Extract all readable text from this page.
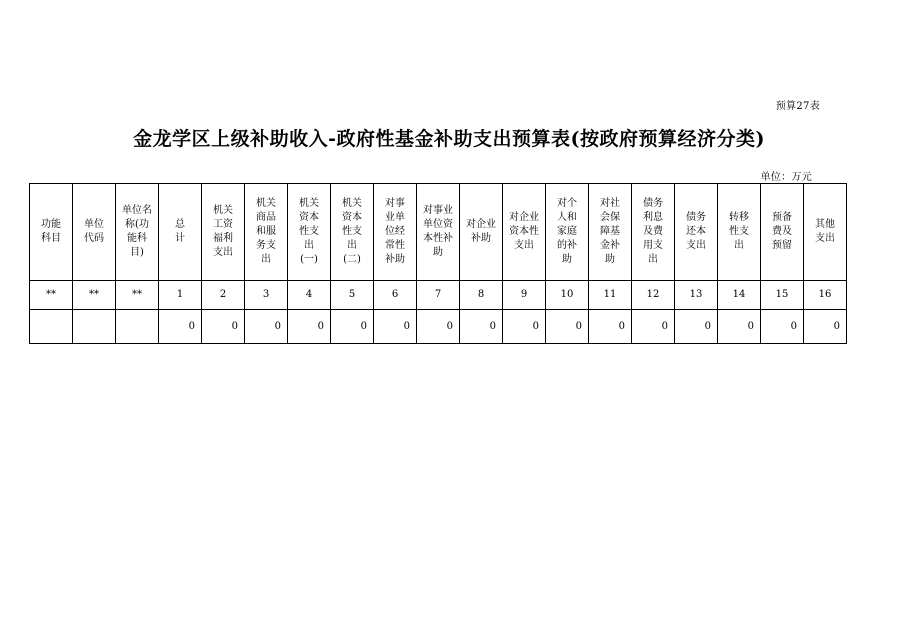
预算27表
金龙学区上级补助收入-政府性基金补助支出预算表(按政府预算经济分类)
单位：万元
功能科目	单位代码	单位名称(功能科目)	总计	机关工资福利支出	机关商品和服务支出	机关资本性支出(一)	机关资本性支出(二)	对事业单位经常性补助	对事业单位资本性补助	对企业补助	对企业资本性支出	对个人和家庭的补助	对社会保障基金补助	债务利息及费用支出	债务还本支出	转移性支出	预备费及预留	其他支出
**	**	**	1	2	3	4	5	6	7	8	9	10	11	12	13	14	15	16
			0	0	0	0	0	0	0	0	0	0	0	0	0	0	0	0
